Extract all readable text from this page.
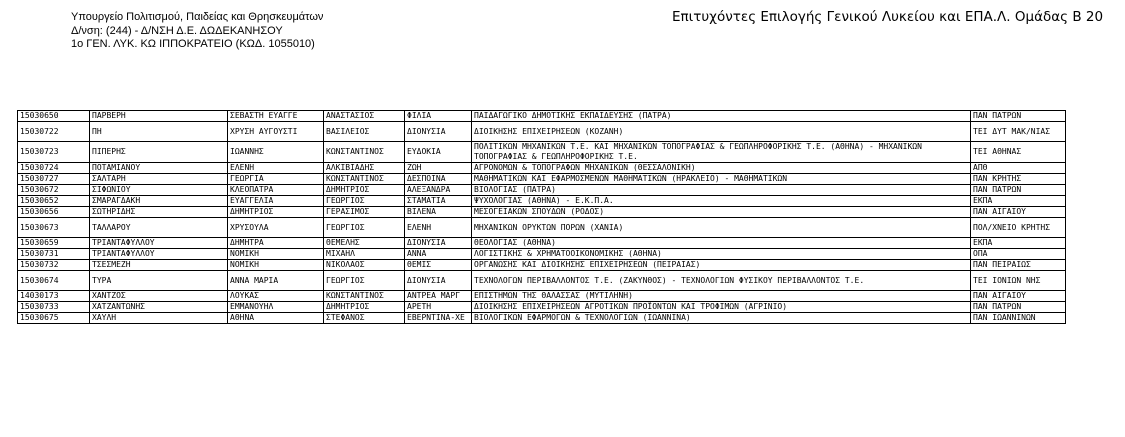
Υπουργείο Πολιτισμού, Παιδείας και Θρησκευμάτων
Δ/νση: (244) - Δ/ΝΣΗ Δ.Ε. ΔΩΔΕΚΑΝΗΣΟΥ
1ο ΓΕΝ. ΛΥΚ. ΚΩ ΙΠΠΟΚΡΑΤΕΙΟ (ΚΩΔ. 1055010)
Επιτυχόντες Επιλογής Γενικού Λυκείου και ΕΠΑ.Λ. Ομάδας Β 20
15030650	ΠΑΡΒΕΡΗ	ΣΕΒΑΣΤΗ ΕΥΑΓΓΕ	ΑΝΑΣΤΑΣΙΟΣ	ΦΙΛΙΑ	ΠΑΙΔΑΓΩΓΙΚΟ ΔΗΜΟΤΙΚΗΣ ΕΚΠΑΙΔΕΥΣΗΣ (ΠΑΤΡΑ)	ΠΑΝ ΠΑΤΡΩΝ
15030722	ΠΗ	ΧΡΥΣΗ ΑΥΓΟΥΣΤΙ	ΒΑΣΙΛΕΙΟΣ	ΔΙΟΝΥΣΙΑ	ΔΙΟΙΚΗΣΗΣ ΕΠΙΧΕΙΡΗΣΕΩΝ (ΚΟΖΑΝΗ)	ΤΕΙ ΔΥΤ ΜΑΚ/ΝΙΑΣ
15030723	ΠΙΠΕΡΗΣ	ΙΩΑΝΝΗΣ	ΚΩΝΣΤΑΝΤΙΝΟΣ	ΕΥΔΟΚΙΑ	ΠΟΛΙΤΙΚΩΝ ΜΗΧΑΝΙΚΩΝ Τ.Ε. ΚΑΙ ΜΗΧΑΝΙΚΩΝ ΤΟΠΟΓΡΑΦΙΑΣ & ΓΕΩΠΛΗΡΟΦΟΡΙΚΗΣ Τ.Ε. (ΑΘΗΝΑ) - ΜΗΧΑΝΙΚΩΝ ΤΟΠΟΓΡΑΦΙΑΣ & ΓΕΩΠΛΗΡΟΦΟΡΙΚΗΣ Τ.Ε.	ΤΕΙ ΑΘΗΝΑΣ
15030724	ΠΟΤΑΜΙΑΝΟΥ	ΕΛΕΝΗ	ΑΛΚΙΒΙΑΔΗΣ	ΖΩΗ	ΑΓΡΟΝΟΜΩΝ & ΤΟΠΟΓΡΑΦΩΝ ΜΗΧΑΝΙΚΩΝ (ΘΕΣΣΑΛΟΝΙΚΗ)	ΑΠΘ
15030727	ΣΑΛΤΑΡΗ	ΓΕΩΡΓΙΑ	ΚΩΝΣΤΑΝΤΙΝΟΣ	ΔΕΣΠΟΙΝΑ	ΜΑΘΗΜΑΤΙΚΩΝ ΚΑΙ ΕΦΑΡΜΟΣΜΕΝΩΝ ΜΑΘΗΜΑΤΙΚΩΝ (ΗΡΑΚΛΕΙΟ) - ΜΑΘΗΜΑΤΙΚΩΝ	ΠΑΝ ΚΡΗΤΗΣ
15030672	ΣΙΦΩΝΙΟΥ	ΚΛΕΟΠΑΤΡΑ	ΔΗΜΗΤΡΙΟΣ	ΑΛΕΞΑΝΔΡΑ	ΒΙΟΛΟΓΙΑΣ (ΠΑΤΡΑ)	ΠΑΝ ΠΑΤΡΩΝ
15030652	ΣΜΑΡΑΓΔΑΚΗ	ΕΥΑΓΓΕΛΙΑ	ΓΕΩΡΓΙΟΣ	ΣΤΑΜΑΤΙΑ	ΨΥΧΟΛΟΓΙΑΣ (ΑΘΗΝΑ) - Ε.Κ.Π.Α.	ΕΚΠΑ
15030656	ΣΩΤΗΡΙΔΗΣ	ΔΗΜΗΤΡΙΟΣ	ΓΕΡΑΣΙΜΟΣ	ΒΙΛΕΝΑ	ΜΕΣΟΓΕΙΑΚΩΝ ΣΠΟΥΔΩΝ (ΡΟΔΟΣ)	ΠΑΝ ΑΙΓΑΙΟΥ
15030673	ΤΑΛΛΑΡΟΥ	ΧΡΥΣΟΥΛΑ	ΓΕΩΡΓΙΟΣ	ΕΛΕΝΗ	ΜΗΧΑΝΙΚΩΝ ΟΡΥΚΤΩΝ ΠΟΡΩΝ (ΧΑΝΙΑ)	ΠΟΛ/ΧΝΕΙΟ ΚΡΗΤΗΣ
15030659	ΤΡΙΑΝΤΑΦΥΛΛΟΥ	ΔΗΜΗΤΡΑ	ΘΕΜΕΛΗΣ	ΔΙΟΝΥΣΙΑ	ΘΕΟΛΟΓΙΑΣ (ΑΘΗΝΑ)	ΕΚΠΑ
15030731	ΤΡΙΑΝΤΑΦΥΛΛΟΥ	ΝΟΜΙΚΗ	ΜΙΧΑΗΛ	ΑΝΝΑ	ΛΟΓΙΣΤΙΚΗΣ & ΧΡΗΜΑΤΟΟΙΚΟΝΟΜΙΚΗΣ (ΑΘΗΝΑ)	ΟΠΑ
15030732	ΤΣΕΣΜΕΖΗ	ΝΟΜΙΚΗ	ΝΙΚΟΛΑΟΣ	ΘΕΜΙΣ	ΟΡΓΑΝΩΣΗΣ ΚΑΙ ΔΙΟΙΚΗΣΗΣ ΕΠΙΧΕΙΡΗΣΕΩΝ (ΠΕΙΡΑΙΑΣ)	ΠΑΝ ΠΕΙΡΑΙΩΣ
15030674	ΤΥΡΑ	ΑΝΝΑ ΜΑΡΙΑ	ΓΕΩΡΓΙΟΣ	ΔΙΟΝΥΣΙΑ	ΤΕΧΝΟΛΟΓΩΝ ΠΕΡΙΒΑΛΛΟΝΤΟΣ Τ.Ε. (ΖΑΚΥΝΘΟΣ) - ΤΕΧΝΟΛΟΓΙΩΝ ΦΥΣΙΚΟΥ ΠΕΡΙΒΑΛΛΟΝΤΟΣ Τ.Ε.	ΤΕΙ ΙΟΝΙΩΝ ΝΗΣ
14030173	ΧΑΝΤΖΟΣ	ΛΟΥΚΑΣ	ΚΩΝΣΤΑΝΤΙΝΟΣ	ΑΝΤΡΕΑ ΜΑΡΓ	ΕΠΙΣΤΗΜΩΝ ΤΗΣ ΘΑΛΑΣΣΑΣ (ΜΥΤΙΛΗΝΗ)	ΠΑΝ ΑΙΓΑΙΟΥ
15030733	ΧΑΤΖΑΝΤΩΝΗΣ	ΕΜΜΑΝΟΥΗΛ	ΔΗΜΗΤΡΙΟΣ	ΑΡΕΤΗ	ΔΙΟΙΚΗΣΗΣ ΕΠΙΧΕΙΡΗΣΕΩΝ ΑΓΡΟΤΙΚΩΝ ΠΡΟΪΟΝΤΩΝ ΚΑΙ ΤΡΟΦΙΜΩΝ (ΑΓΡΙΝΙΟ)	ΠΑΝ ΠΑΤΡΩΝ
15030675	ΧΑΥΛΗ	ΑΘΗΝΑ	ΣΤΕΦΑΝΟΣ	ΕΒΕΡΝΤΙΝΑ-ΧΕ	ΒΙΟΛΟΓΙΚΩΝ ΕΦΑΡΜΟΓΩΝ & ΤΕΧΝΟΛΟΓΙΩΝ (ΙΩΑΝΝΙΝΑ)	ΠΑΝ ΙΩΑΝΝΙΝΩΝ
